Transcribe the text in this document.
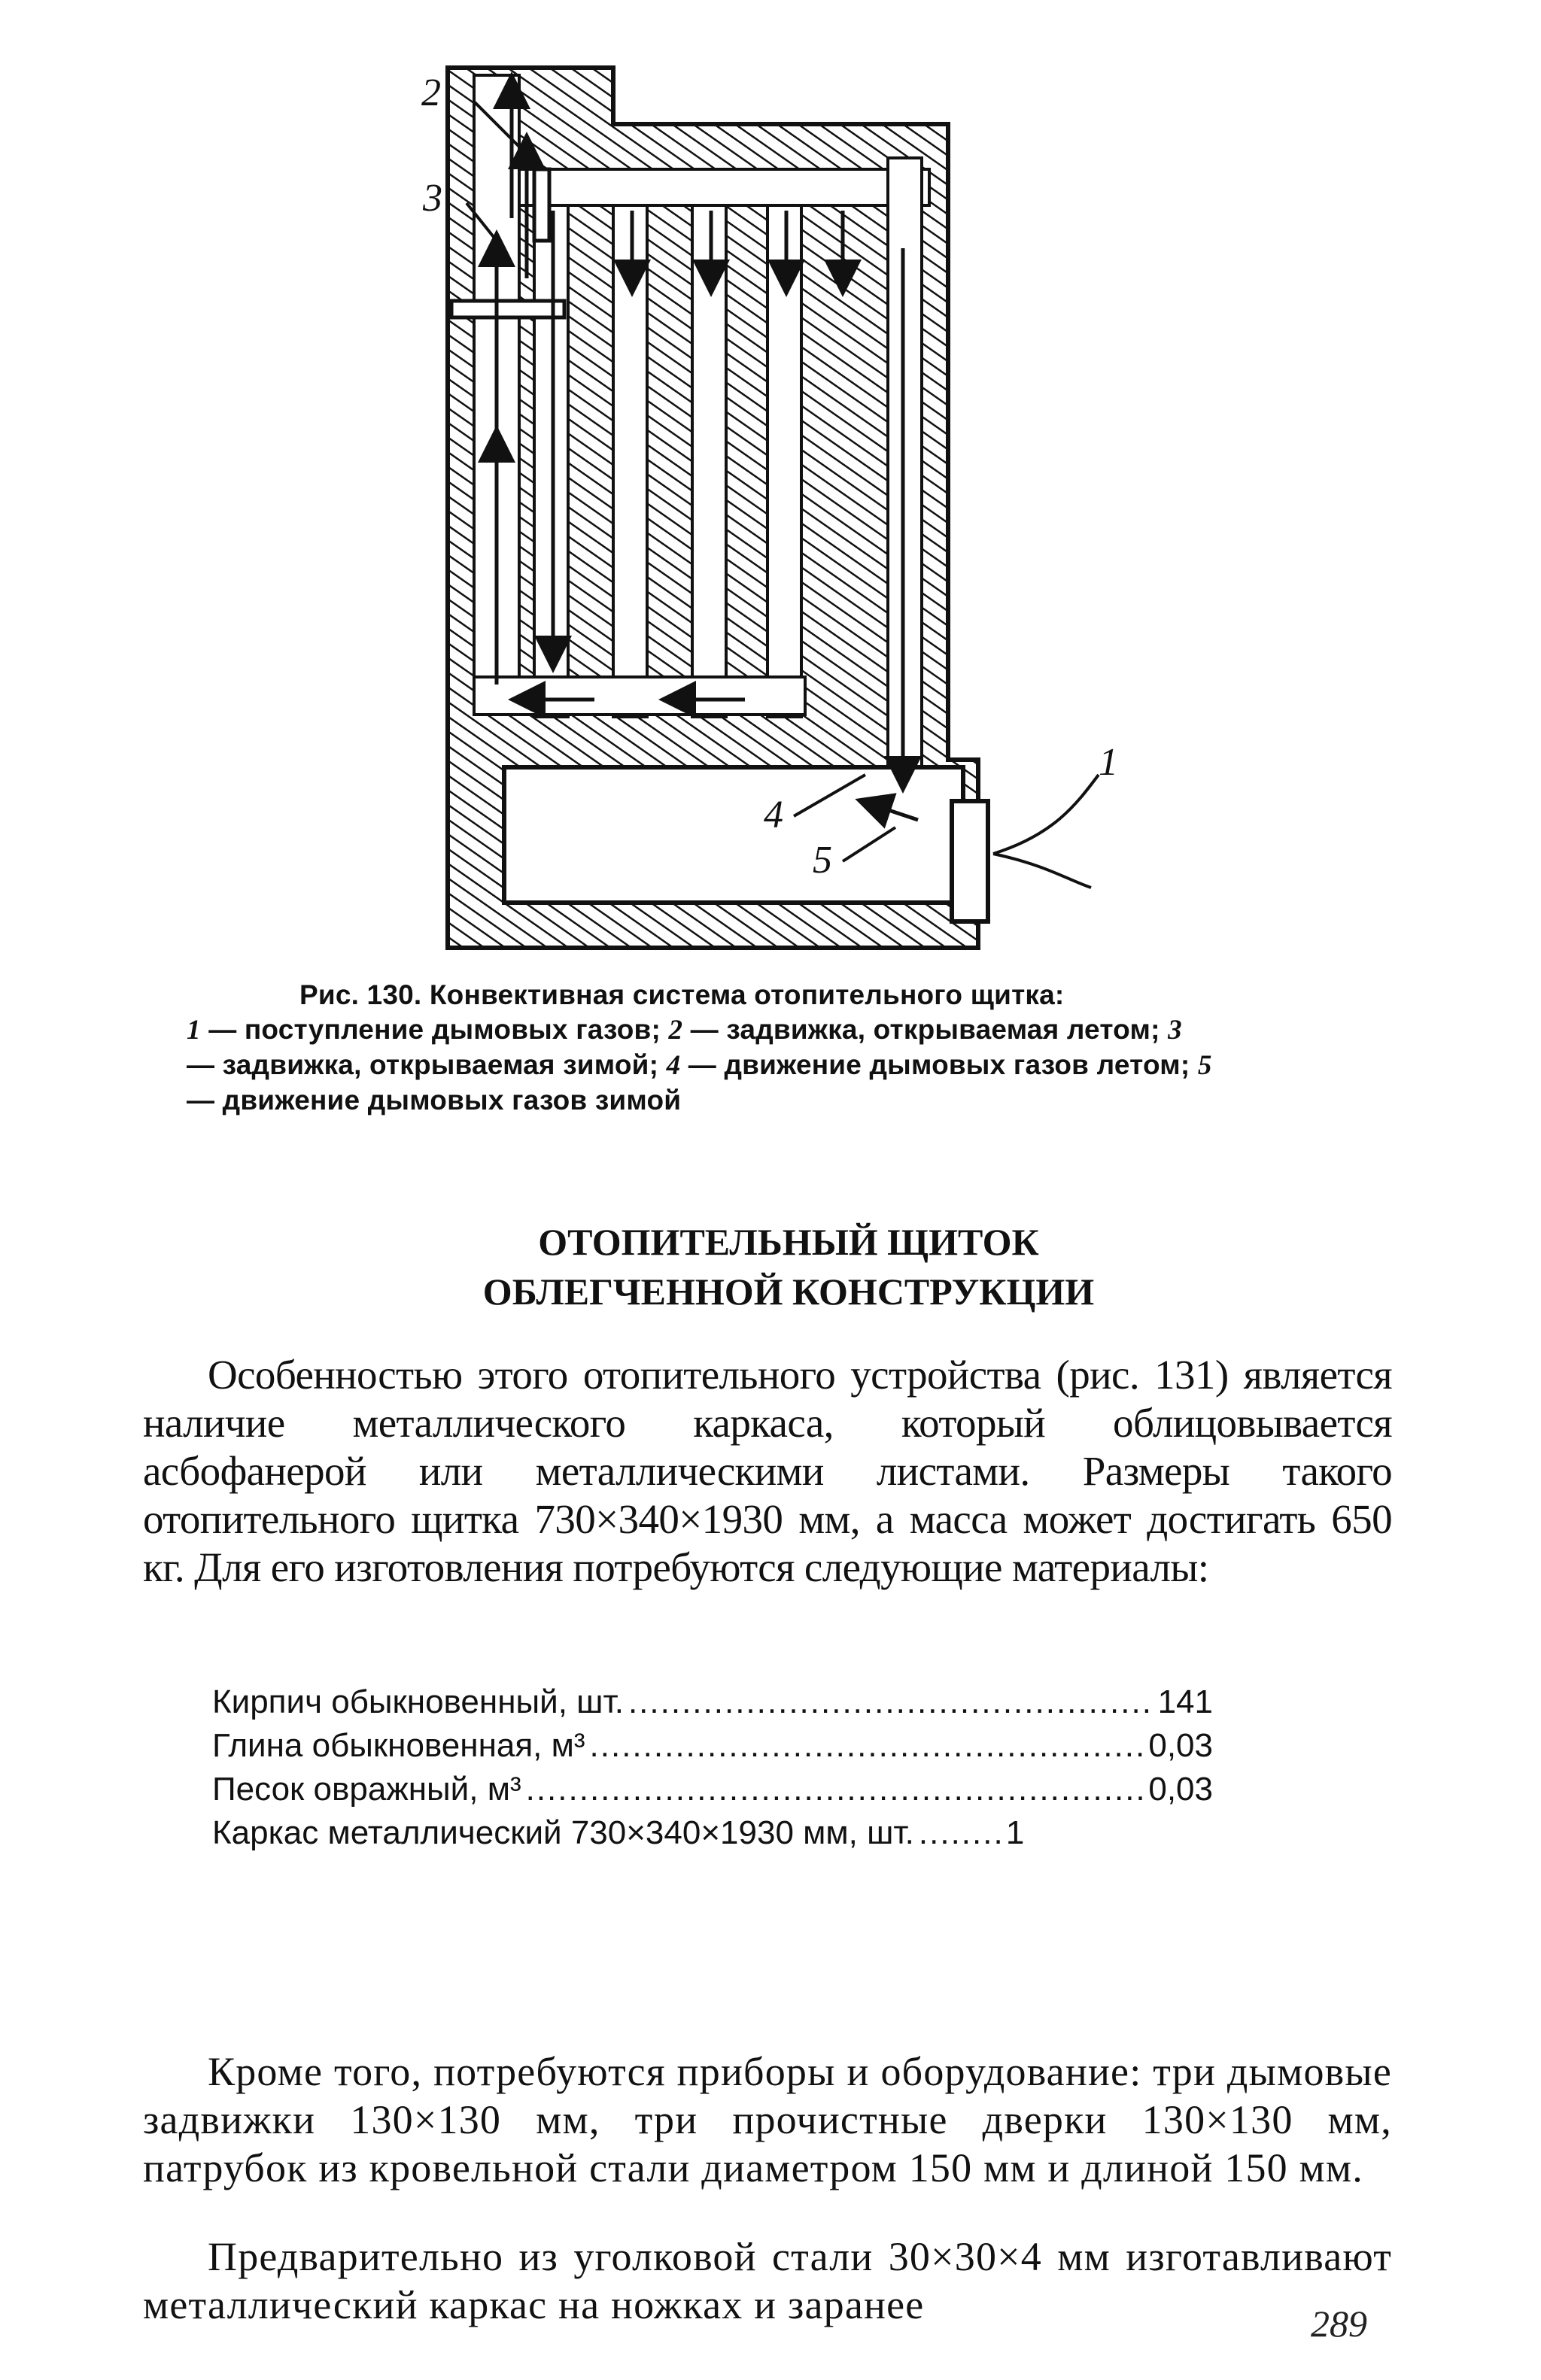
2
3
4
5
1
Рис. 130. Конвективная система отопительного щитка:
1 — поступление дымовых газов; 2 — задвижка, открываемая летом; 3
— задвижка, открываемая зимой; 4 — движение дымовых газов летом; 5
— движение дымовых газов зимой
ОТОПИТЕЛЬНЫЙ ЩИТОК
ОБЛЕГЧЕННОЙ КОНСТРУКЦИИ
Особенностью этого отопительного устройства (рис. 131) является наличие металлического каркаса, который облицовывается асбофанерой или металлическими листами. Размеры такого отопительного щитка 730×340×1930 мм, а масса может достигать 650 кг. Для его изготовления потребуются следующие материалы:
Кирпич обыкновенный, шт. .....	141
Глина обыкновенная, м³ .....	0,03
Песок овражный, м³ .....	0,03
Каркас металлический 730×340×1930 мм, шт. .....	1
Кроме того, потребуются приборы и оборудование: три дымовые задвижки 130×130 мм, три прочистные дверки 130×130 мм, патрубок из кровельной стали диаметром 150 мм и длиной 150 мм.
Предварительно из уголковой стали 30×30×4 мм изготавливают металлический каркас на ножках и заранее	289
